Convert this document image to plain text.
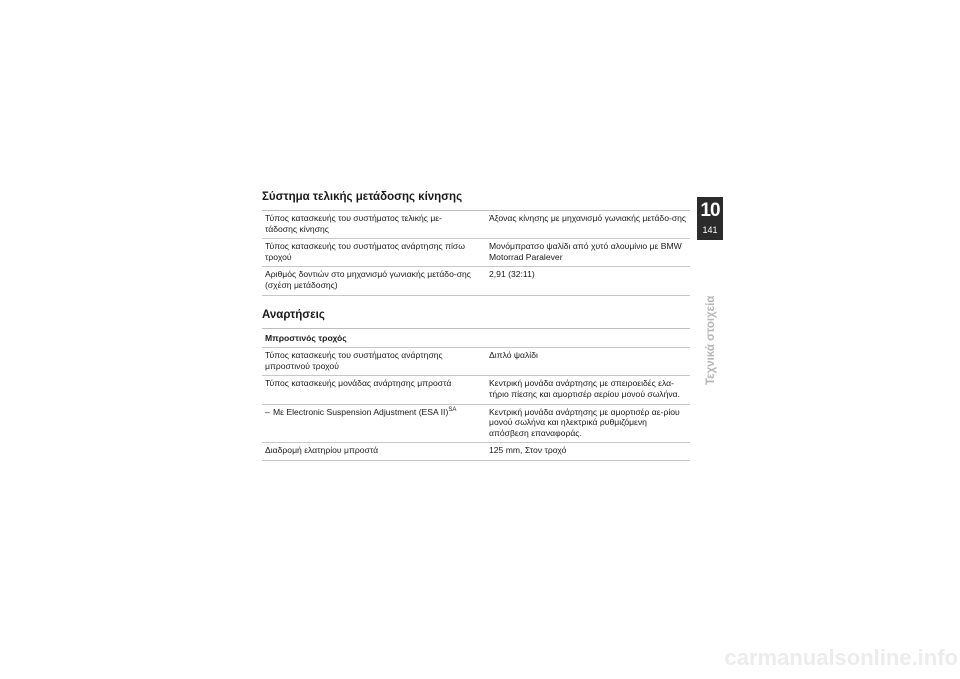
Σύστημα τελικής μετάδοσης κίνησης
Τύπος κατασκευής του συστήματος τελικής με-τάδοσης κίνησης	Άξονας κίνησης με μηχανισμό γωνιακής μετάδο-σης
Τύπος κατασκευής του συστήματος ανάρτησης πίσω τροχού	Μονόμπρατσο ψαλίδι από χυτό αλουμίνιο με BMW Motorrad Paralever
Αριθμός δοντιών στο μηχανισμό γωνιακής μετάδο-σης (σχέση μετάδοσης)	2,91 (32:11)
Αναρτήσεις
Μπροστινός τροχός	
Τύπος κατασκευής του συστήματος ανάρτησης μπροστινού τροχού	Διπλό ψαλίδι
Τύπος κατασκευής μονάδας ανάρτησης μπροστά	Κεντρική μονάδα ανάρτησης με σπειροειδές ελα-τήριο πίεσης και αμορτισέρ αερίου μονού σωλήνα.

– Με Electronic Suspension Adjustment (ESA II)$^{SA}$	Κεντρική μονάδα ανάρτησης με αμορτισέρ αε-ρίου μονού σωλήνα και ηλεκτρικά ρυθμιζόμενη απόσβεση επαναφοράς.
Διαδρομή ελατηρίου μπροστά	125 mm, Στον τροχό
10
141
Τεχνικά στοιχεία
carmanualsonline.info
